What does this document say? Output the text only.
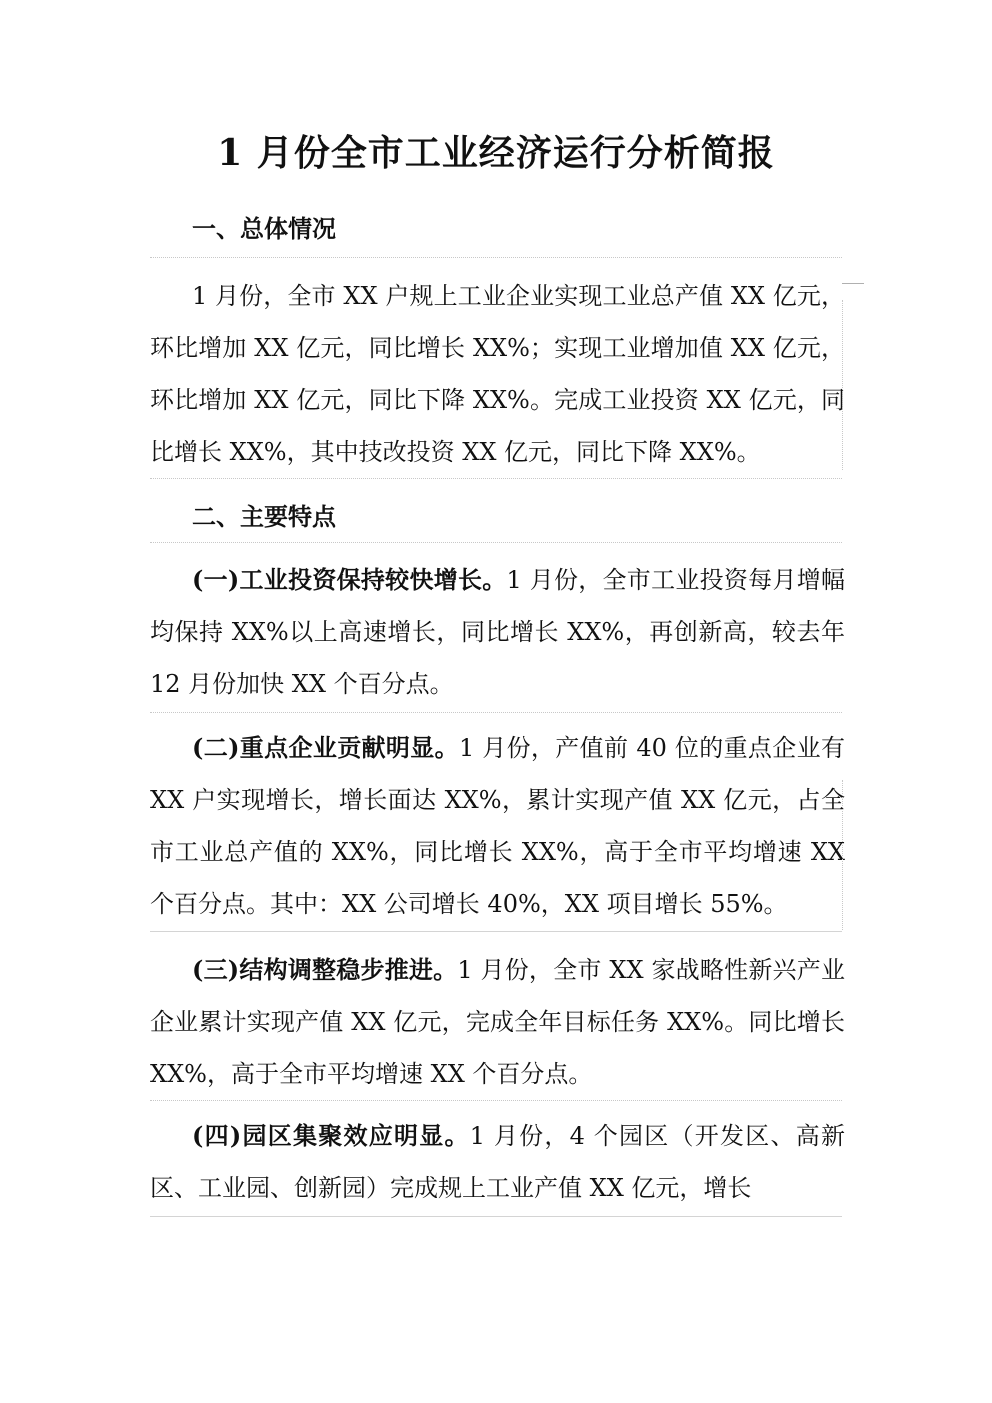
1 月份全市工业经济运行分析简报
一、总体情况

1 月份，全市 XX 户规上工业企业实现工业总产值 XX 亿元，环比增加 XX 亿元，同比增长 XX%；实现工业增加值 XX 亿元，环比增加 XX 亿元，同比下降 XX%。完成工业投资 XX 亿元，同比增长 XX%，其中技改投资 XX 亿元，同比下降 XX%。

二、主要特点

(一)工业投资保持较快增长。1 月份，全市工业投资每月增幅均保持 XX%以上高速增长，同比增长 XX%，再创新高，较去年 12 月份加快 XX 个百分点。

(二)重点企业贡献明显。1 月份，产值前 40 位的重点企业有 XX 户实现增长，增长面达 XX%，累计实现产值 XX 亿元，占全市工业总产值的 XX%，同比增长 XX%，高于全市平均增速 XX 个百分点。其中：XX 公司增长 40%，XX 项目增长 55%。

(三)结构调整稳步推进。1 月份，全市 XX 家战略性新兴产业企业累计实现产值 XX 亿元，完成全年目标任务 XX%。同比增长 XX%，高于全市平均增速 XX 个百分点。

(四)园区集聚效应明显。1 月份，4 个园区（开发区、高新区、工业园、创新园）完成规上工业产值 XX 亿元，增长
